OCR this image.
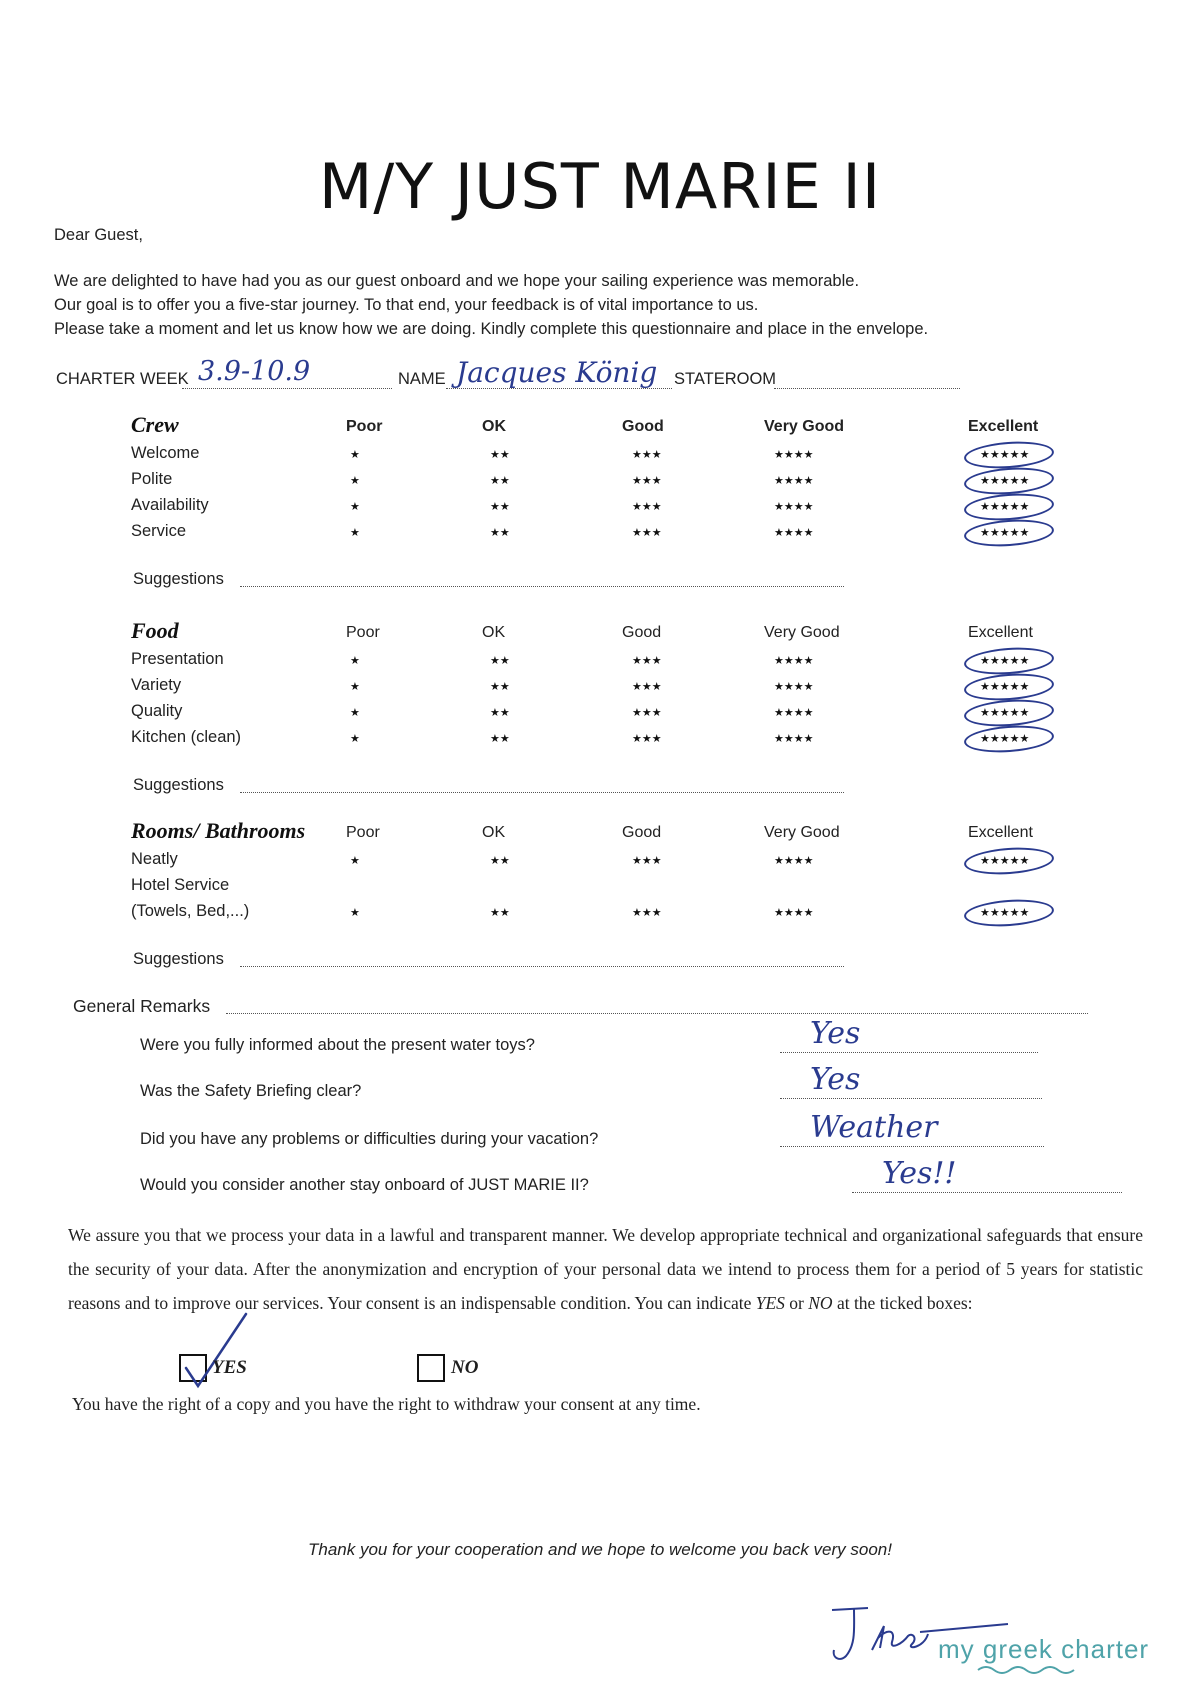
M/Y JUST MARIE II
Dear Guest,
We are delighted to have had you as our guest onboard and we hope your sailing experience was memorable.
Our goal is to offer you a five-star journey. To that end, your feedback is of vital importance to us.
Please take a moment and let us know how we are doing. Kindly complete this questionnaire and place in the envelope.
CHARTER WEEK 3.9-10.9	NAME Jacques König STATEROOM
Crew	Poor	OK	Good	Very Good	Excellent
Welcome	★	★★	★★★	★★★★	★★★★★
Polite	★	★★	★★★	★★★★	★★★★★
Availability	★	★★	★★★	★★★★	★★★★★
Service	★	★★	★★★	★★★★	★★★★★
Suggestions
Food	Poor	OK	Good	Very Good	Excellent
Presentation	★	★★	★★★	★★★★	★★★★★
Variety	★	★★	★★★	★★★★	★★★★★
Quality	★	★★	★★★	★★★★	★★★★★
Kitchen (clean)	★	★★	★★★	★★★★	★★★★★
Suggestions
Rooms/ Bathrooms	Poor	OK	Good	Very Good	Excellent
Neatly	★	★★	★★★	★★★★	★★★★★
Hotel Service
(Towels, Bed,...)	★	★★	★★★	★★★★	★★★★★
Suggestions
General Remarks
Were you fully informed about the present water toys?	Yes
Was the Safety Briefing clear?	Yes
Did you have any problems or difficulties during your vacation?	Weather
Would you consider another stay onboard of JUST MARIE II?	Yes!!
We assure you that we process your data in a lawful and transparent manner. We develop appropriate technical and organizational safeguards that ensure the security of your data. After the anonymization and encryption of your personal data we intend to process them for a period of 5 years for statistic reasons and to improve our services. Your consent is an indispensable condition. You can indicate YES or NO at the ticked boxes:
YES	NO
You have the right of a copy and you have the right to withdraw your consent at any time.
Thank you for your cooperation and we hope to welcome you back very soon!
my greek charter
